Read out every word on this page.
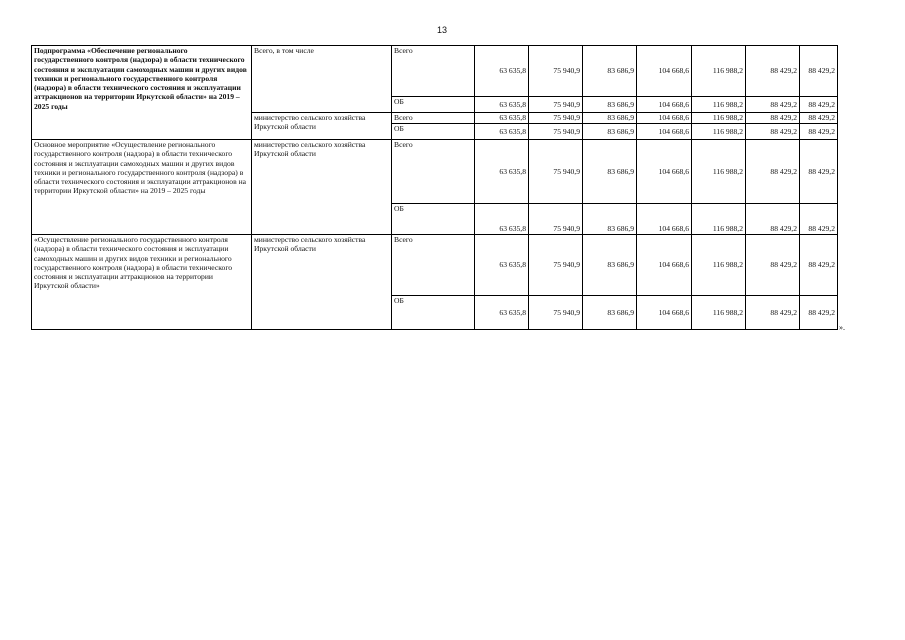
13
Подпрограмма «Обеспечение регионального государственного контроля (надзора) в области технического состояния и эксплуатации самоходных машин и других видов техники и регионального государственного контроля (надзора) в области технического состояния и эксплуатации аттракционов на территории Иркутской области» на 2019 – 2025 годы	Всего, в том числе	Всего	63 635,8	75 940,9	83 686,9	104 668,6	116 988,2	88 429,2	88 429,2
		ОБ	63 635,8	75 940,9	83 686,9	104 668,6	116 988,2	88 429,2	88 429,2
	министерство сельского хозяйства Иркутской области	Всего	63 635,8	75 940,9	83 686,9	104 668,6	116 988,2	88 429,2	88 429,2
		ОБ	63 635,8	75 940,9	83 686,9	104 668,6	116 988,2	88 429,2	88 429,2
Основное мероприятие «Осуществление регионального государственного контроля (надзора) в области технического состояния и эксплуатации самоходных машин и других видов техники и регионального государственного контроля (надзора) в области технического состояния и эксплуатации аттракционов на территории Иркутской области» на 2019 – 2025 годы	министерство сельского хозяйства Иркутской области	Всего	63 635,8	75 940,9	83 686,9	104 668,6	116 988,2	88 429,2	88 429,2
		ОБ	63 635,8	75 940,9	83 686,9	104 668,6	116 988,2	88 429,2	88 429,2
«Осуществление регионального государственного контроля (надзора) в области технического состояния и эксплуатации самоходных машин и других видов техники и регионального государственного контроля (надзора) в области технического состояния и эксплуатации аттракционов на территории Иркутской области»	министерство сельского хозяйства Иркутской области	Всего	63 635,8	75 940,9	83 686,9	104 668,6	116 988,2	88 429,2	88 429,2
		ОБ	63 635,8	75 940,9	83 686,9	104 668,6	116 988,2	88 429,2	88 429,2
».
